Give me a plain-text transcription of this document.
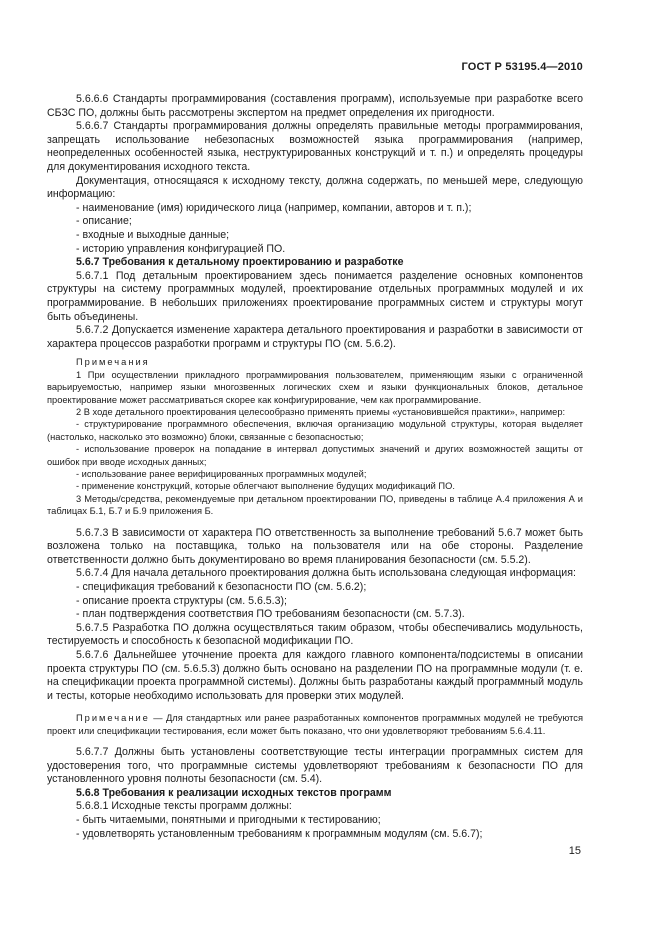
ГОСТ Р 53195.4—2010

5.6.6.6 Стандарты программирования (составления программ), используемые при разработке всего СБЗС ПО, должны быть рассмотрены экспертом на предмет определения их пригодности.

5.6.6.7 Стандарты программирования должны определять правильные методы программирования, запрещать использование небезопасных возможностей языка программирования (например, неопределенных особенностей языка, неструктурированных конструкций и т. п.) и определять процедуры для документирования исходного текста.

Документация, относящаяся к исходному тексту, должна содержать, по меньшей мере, следующую информацию:

- наименование (имя) юридического лица (например, компании, авторов и т. п.);

- описание;

- входные и выходные данные;

- историю управления конфигурацией ПО.

5.6.7 Требования к детальному проектированию и разработке

5.6.7.1 Под детальным проектированием здесь понимается разделение основных компонентов структуры на систему программных модулей, проектирование отдельных программных модулей и их программирование. В небольших приложениях проектирование программных систем и структуры могут быть объединены.

5.6.7.2 Допускается изменение характера детального проектирования и разработки в зависимости от характера процессов разработки программ и структуры ПО (см. 5.6.2).

Примечания

1 При осуществлении прикладного программирования пользователем, применяющим языки с ограниченной варьируемостью, например языки многозвенных логических схем и языки функциональных блоков, детальное проектирование может рассматриваться скорее как конфигурирование, чем как программирование.

2 В ходе детального проектирования целесообразно применять приемы «установившейся практики», например:

- структурирование программного обеспечения, включая организацию модульной структуры, которая выделяет (настолько, насколько это возможно) блоки, связанные с безопасностью;

- использование проверок на попадание в интервал допустимых значений и других возможностей защиты от ошибок при вводе исходных данных;

- использование ранее верифицированных программных модулей;

- применение конструкций, которые облегчают выполнение будущих модификаций ПО.

3 Методы/средства, рекомендуемые при детальном проектировании ПО, приведены в таблице А.4 приложения А и таблицах Б.1, Б.7 и Б.9 приложения Б.

5.6.7.3 В зависимости от характера ПО ответственность за выполнение требований 5.6.7 может быть возложена только на поставщика, только на пользователя или на обе стороны. Разделение ответственности должно быть документировано во время планирования безопасности (см. 5.5.2).

5.6.7.4 Для начала детального проектирования должна быть использована следующая информация:

- спецификация требований к безопасности ПО (см. 5.6.2);

- описание проекта структуры (см. 5.6.5.3);

- план подтверждения соответствия ПО требованиям безопасности (см. 5.7.3).

5.6.7.5 Разработка ПО должна осуществляться таким образом, чтобы обеспечивались модульность, тестируемость и способность к безопасной модификации ПО.

5.6.7.6 Дальнейшее уточнение проекта для каждого главного компонента/подсистемы в описании проекта структуры ПО (см. 5.6.5.3) должно быть основано на разделении ПО на программные модули (т. е. на спецификации проекта программной системы). Должны быть разработаны каждый программный модуль и тесты, которые необходимо использовать для проверки этих модулей.

Примечание — Для стандартных или ранее разработанных компонентов программных модулей не требуются проект или спецификации тестирования, если может быть показано, что они удовлетворяют требованиям 5.6.4.11.

5.6.7.7 Должны быть установлены соответствующие тесты интеграции программных систем для удостоверения того, что программные системы удовлетворяют требованиям к безопасности ПО для установленного уровня полноты безопасности (см. 5.4).

5.6.8 Требования к реализации исходных текстов программ

5.6.8.1 Исходные тексты программ должны:

- быть читаемыми, понятными и пригодными к тестированию;

- удовлетворять установленным требованиям к программным модулям (см. 5.6.7);

15
